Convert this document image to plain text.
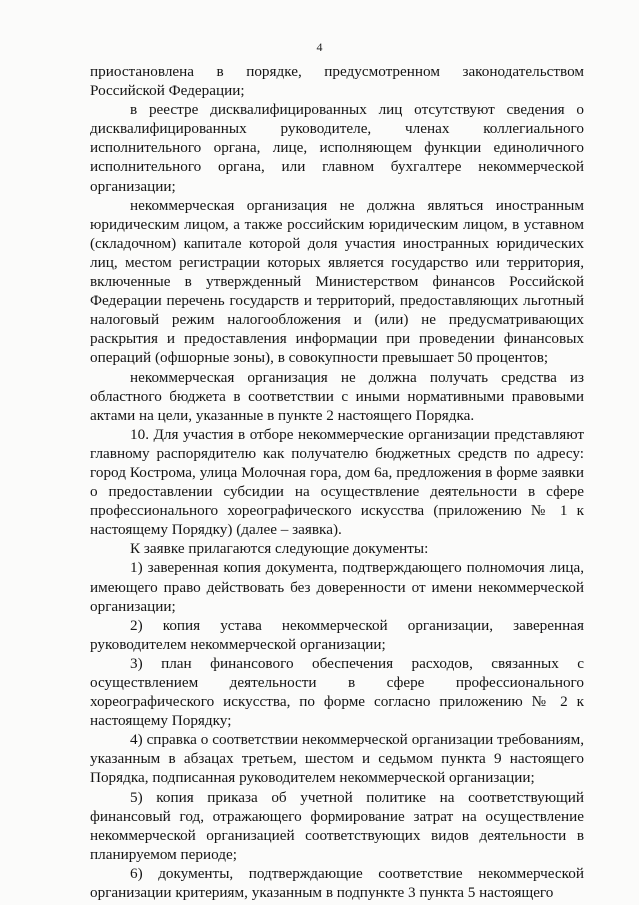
4

приостановлена в порядке, предусмотренном законодательством Российской Федерации;

в реестре дисквалифицированных лиц отсутствуют сведения о дисквалифицированных руководителе, членах коллегиального исполнительного органа, лице, исполняющем функции единоличного исполнительного органа, или главном бухгалтере некоммерческой организации;

некоммерческая организация не должна являться иностранным юридическим лицом, а также российским юридическим лицом, в уставном (складочном) капитале которой доля участия иностранных юридических лиц, местом регистрации которых является государство или территория, включенные в утвержденный Министерством финансов Российской Федерации перечень государств и территорий, предоставляющих льготный налоговый режим налогообложения и (или) не предусматривающих раскрытия и предоставления информации при проведении финансовых операций (офшорные зоны), в совокупности превышает 50 процентов;

некоммерческая организация не должна получать средства из областного бюджета в соответствии с иными нормативными правовыми актами на цели, указанные в пункте 2 настоящего Порядка.

10. Для участия в отборе некоммерческие организации представляют главному распорядителю как получателю бюджетных средств по адресу: город Кострома, улица Молочная гора, дом 6а, предложения в форме заявки о предоставлении субсидии на осуществление деятельности в сфере профессионального хореографического искусства (приложению № 1 к настоящему Порядку) (далее – заявка).

К заявке прилагаются следующие документы:

1) заверенная копия документа, подтверждающего полномочия лица, имеющего право действовать без доверенности от имени некоммерческой организации;

2) копия устава некоммерческой организации, заверенная руководителем некоммерческой организации;

3) план финансового обеспечения расходов, связанных с осуществлением деятельности в сфере профессионального хореографического искусства, по форме согласно приложению № 2 к настоящему Порядку;

4) справка о соответствии некоммерческой организации требованиям, указанным в абзацах третьем, шестом и седьмом пункта 9 настоящего Порядка, подписанная руководителем некоммерческой организации;

5) копия приказа об учетной политике на соответствующий финансовый год, отражающего формирование затрат на осуществление некоммерческой организацией соответствующих видов деятельности в планируемом периоде;

6) документы, подтверждающие соответствие некоммерческой организации критериям, указанным в подпункте 3 пункта 5 настоящего
